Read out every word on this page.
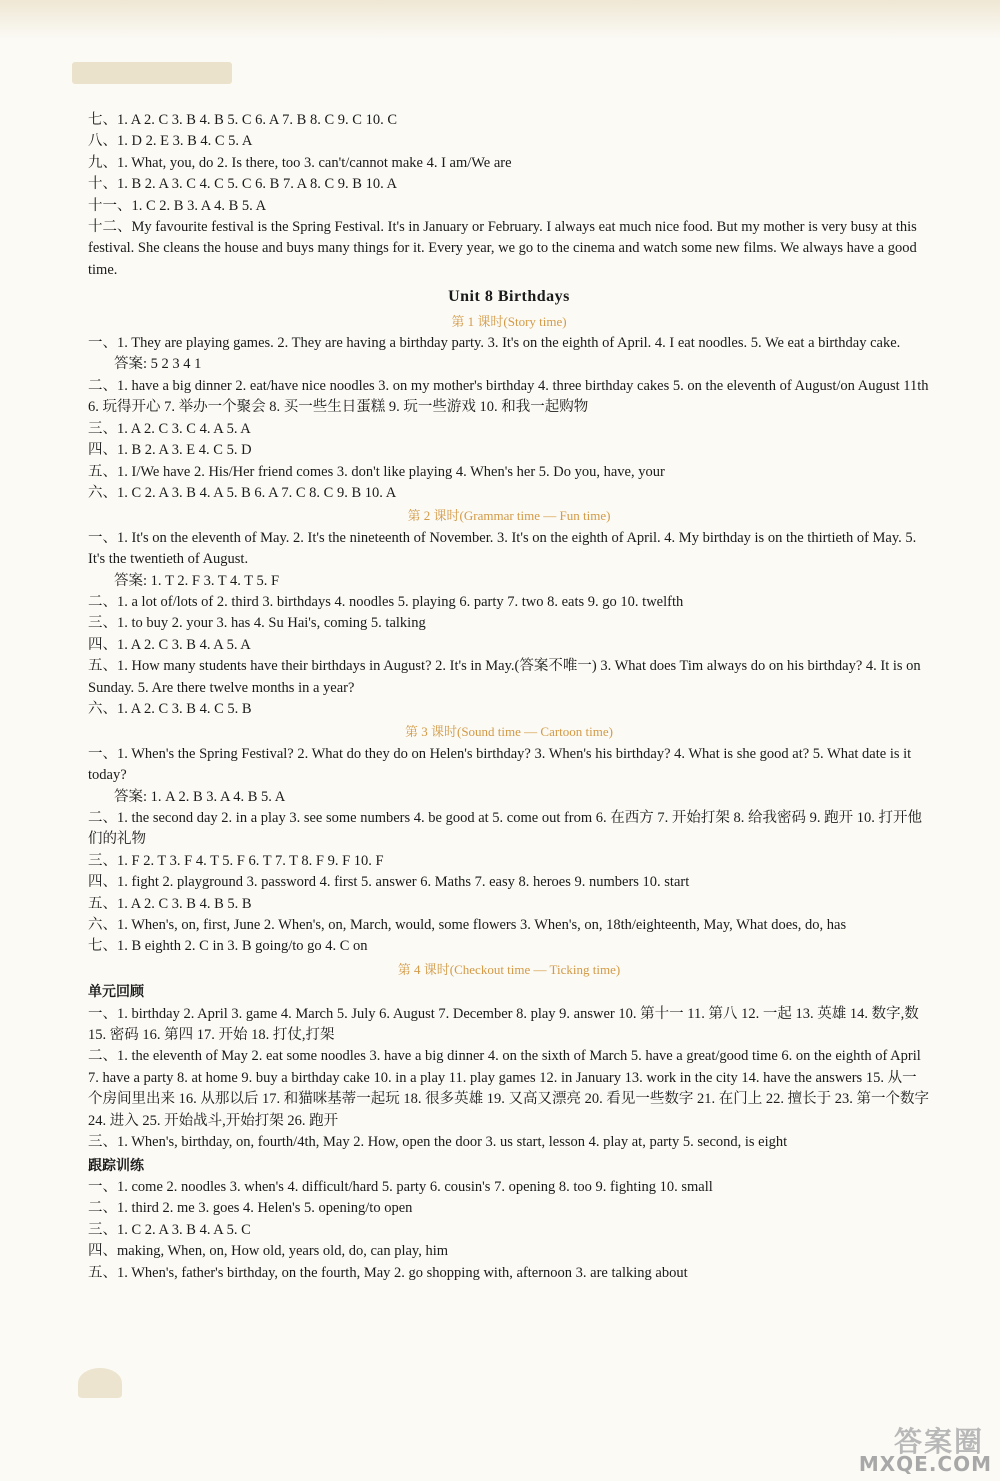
七、1. A 2. C 3. B 4. B 5. C 6. A 7. B 8. C 9. C 10. C
八、1. D 2. E 3. B 4. C 5. A
九、1. What, you, do 2. Is there, too 3. can't/cannot make 4. I am/We are
十、1. B 2. A 3. C 4. C 5. C 6. B 7. A 8. C 9. B 10. A
十一、1. C 2. B 3. A 4. B 5. A
十二、My favourite festival is the Spring Festival. It's in January or February. I always eat much nice food. But my mother is very busy at this festival. She cleans the house and buys many things for it. Every year, we go to the cinema and watch some new films. We always have a good time.
Unit 8 Birthdays
第 1 课时(Story time)
一、1. They are playing games. 2. They are having a birthday party. 3. It's on the eighth of April. 4. I eat noodles. 5. We eat a birthday cake.
答案: 5 2 3 4 1
二、1. have a big dinner 2. eat/have nice noodles 3. on my mother's birthday 4. three birthday cakes 5. on the eleventh of August/on August 11th 6. 玩得开心 7. 举办一个聚会 8. 买一些生日蛋糕 9. 玩一些游戏 10. 和我一起购物
三、1. A 2. C 3. C 4. A 5. A
四、1. B 2. A 3. E 4. C 5. D
五、1. I/We have 2. His/Her friend comes 3. don't like playing 4. When's her 5. Do you, have, your
六、1. C 2. A 3. B 4. A 5. B 6. A 7. C 8. C 9. B 10. A
第 2 课时(Grammar time — Fun time)
一、1. It's on the eleventh of May. 2. It's the nineteenth of November. 3. It's on the eighth of April. 4. My birthday is on the thirtieth of May. 5. It's the twentieth of August.
答案: 1. T 2. F 3. T 4. T 5. F
二、1. a lot of/lots of 2. third 3. birthdays 4. noodles 5. playing 6. party 7. two 8. eats 9. go 10. twelfth
三、1. to buy 2. your 3. has 4. Su Hai's, coming 5. talking
四、1. A 2. C 3. B 4. A 5. A
五、1. How many students have their birthdays in August? 2. It's in May.(答案不唯一) 3. What does Tim always do on his birthday? 4. It is on Sunday. 5. Are there twelve months in a year?
六、1. A 2. C 3. B 4. C 5. B
第 3 课时(Sound time — Cartoon time)
一、1. When's the Spring Festival? 2. What do they do on Helen's birthday? 3. When's his birthday? 4. What is she good at? 5. What date is it today?
答案: 1. A 2. B 3. A 4. B 5. A
二、1. the second day 2. in a play 3. see some numbers 4. be good at 5. come out from 6. 在西方 7. 开始打架 8. 给我密码 9. 跑开 10. 打开他们的礼物
三、1. F 2. T 3. F 4. T 5. F 6. T 7. T 8. F 9. F 10. F
四、1. fight 2. playground 3. password 4. first 5. answer 6. Maths 7. easy 8. heroes 9. numbers 10. start
五、1. A 2. C 3. B 4. B 5. B
六、1. When's, on, first, June 2. When's, on, March, would, some flowers 3. When's, on, 18th/eighteenth, May, What does, do, has
七、1. B eighth 2. C in 3. B going/to go 4. C on
第 4 课时(Checkout time — Ticking time)
单元回顾
一、1. birthday 2. April 3. game 4. March 5. July 6. August 7. December 8. play 9. answer 10. 第十一 11. 第八 12. 一起 13. 英雄 14. 数字,数 15. 密码 16. 第四 17. 开始 18. 打仗,打架
二、1. the eleventh of May 2. eat some noodles 3. have a big dinner 4. on the sixth of March 5. have a great/good time 6. on the eighth of April 7. have a party 8. at home 9. buy a birthday cake 10. in a play 11. play games 12. in January 13. work in the city 14. have the answers 15. 从一个房间里出来 16. 从那以后 17. 和猫咪基蒂一起玩 18. 很多英雄 19. 又高又漂亮 20. 看见一些数字 21. 在门上 22. 擅长于 23. 第一个数字 24. 进入 25. 开始战斗,开始打架 26. 跑开
三、1. When's, birthday, on, fourth/4th, May 2. How, open the door 3. us start, lesson 4. play at, party 5. second, is eight
跟踪训练
一、1. come 2. noodles 3. when's 4. difficult/hard 5. party 6. cousin's 7. opening 8. too 9. fighting 10. small
二、1. third 2. me 3. goes 4. Helen's 5. opening/to open
三、1. C 2. A 3. B 4. A 5. C
四、making, When, on, How old, years old, do, can play, him
五、1. When's, father's birthday, on the fourth, May 2. go shopping with, afternoon 3. are talking about
答案圈
MXQE.COM
